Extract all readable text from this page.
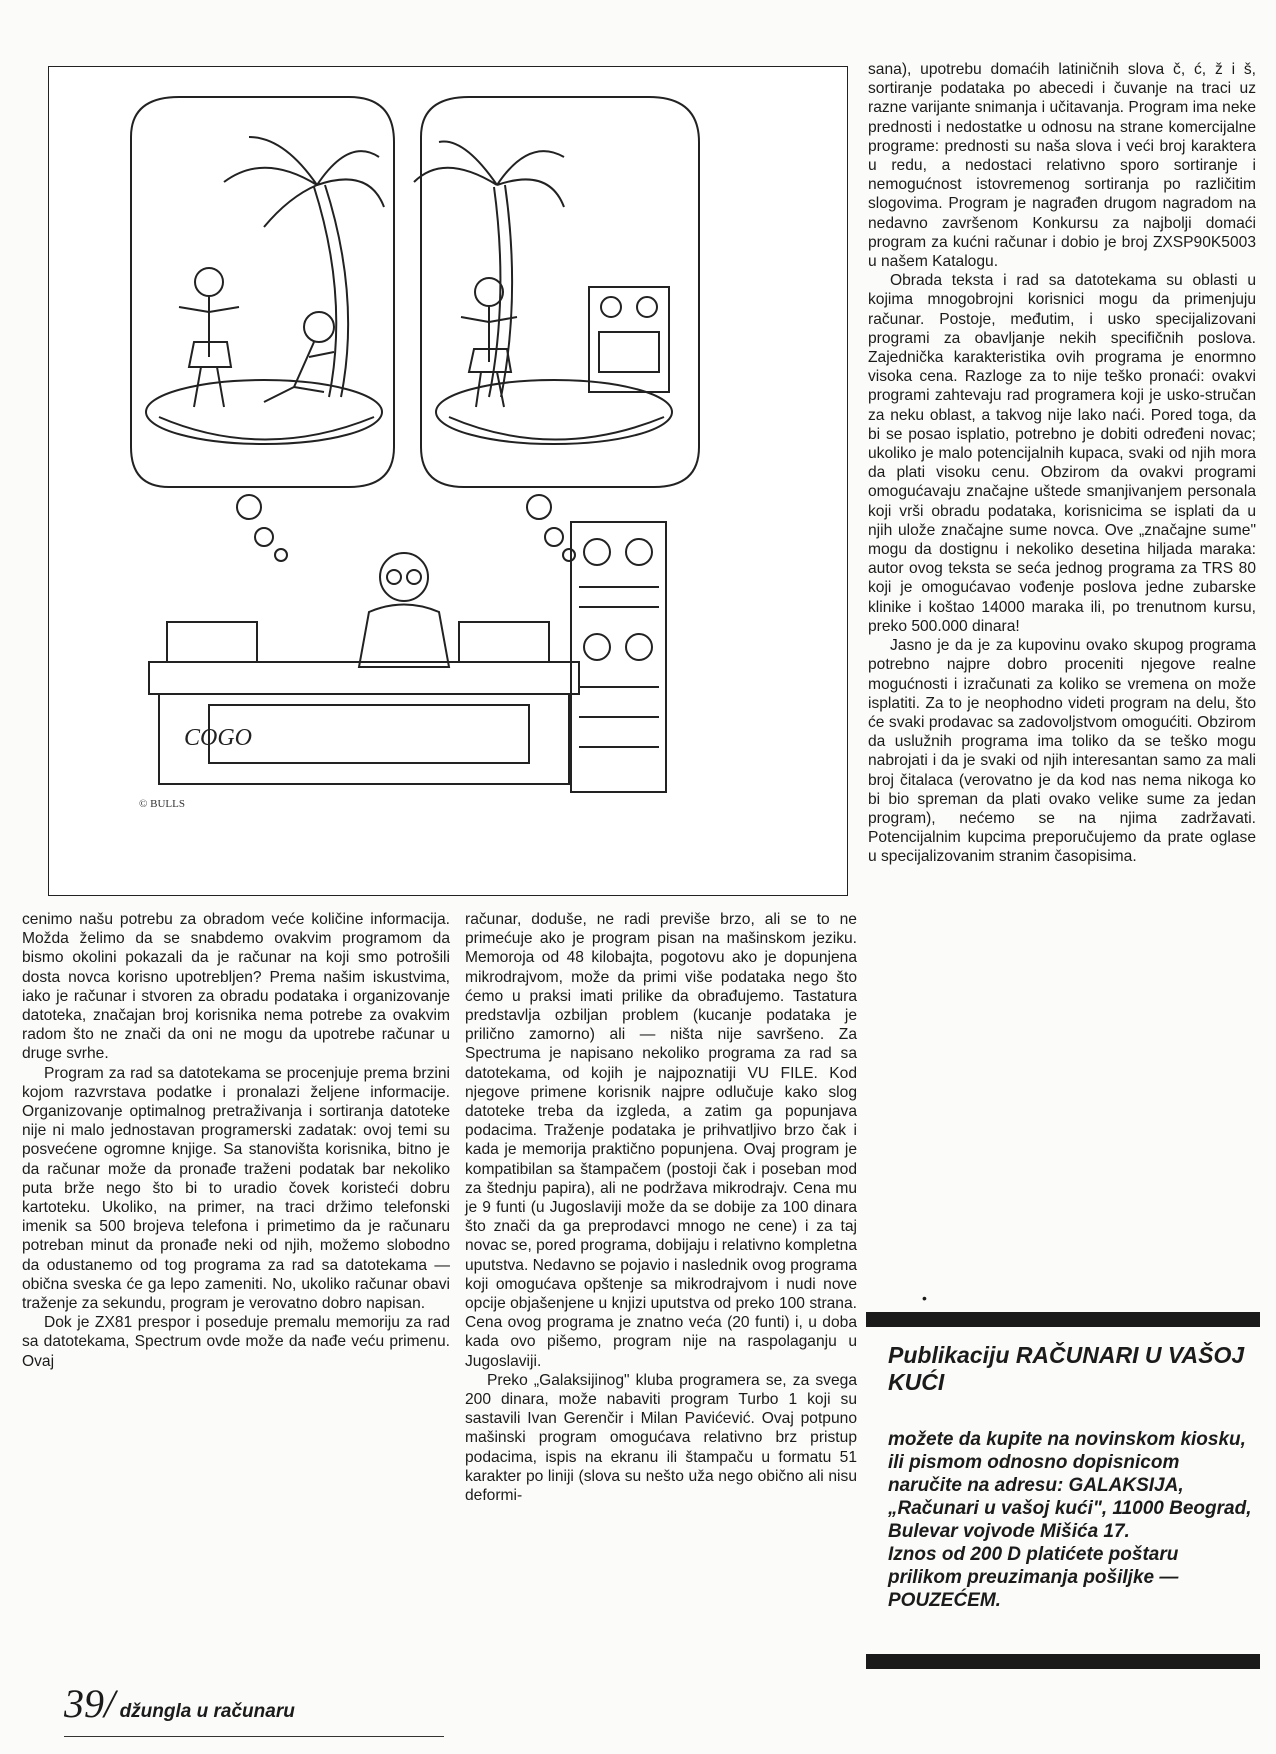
COGO
© BULLS

sana), upotrebu domaćih latiničnih slova č, ć, ž i š, sortiranje podataka po abecedi i čuvanje na traci uz razne varijante snimanja i učitavanja. Program ima neke prednosti i nedostatke u odnosu na strane komercijalne programe: prednosti su naša slova i veći broj karaktera u redu, a nedostaci relativno sporo sortiranje i nemogućnost istovremenog sortiranja po različitim slogovima. Program je nagrađen drugom nagradom na nedavno završenom Konkursu za najbolji domaći program za kućni računar i dobio je broj ZXSP90K5003 u našem Katalogu.

Obrada teksta i rad sa datotekama su oblasti u kojima mnogobrojni korisnici mogu da primenjuju računar. Postoje, međutim, i usko specijalizovani programi za obavljanje nekih specifičnih poslova. Zajednička karakteristika ovih programa je enormno visoka cena. Razloge za to nije teško pronaći: ovakvi programi zahtevaju rad programera koji je usko-stručan za neku oblast, a takvog nije lako naći. Pored toga, da bi se posao isplatio, potrebno je dobiti određeni novac; ukoliko je malo potencijalnih kupaca, svaki od njih mora da plati visoku cenu. Obzirom da ovakvi programi omogućavaju značajne uštede smanjivanjem personala koji vrši obradu podataka, korisnicima se isplati da u njih ulože značajne sume novca. Ove „značajne sume" mogu da dostignu i nekoliko desetina hiljada maraka: autor ovog teksta se seća jednog programa za TRS 80 koji je omogućavao vođenje poslova jedne zubarske klinike i koštao 14000 maraka ili, po trenutnom kursu, preko 500.000 dinara!

Jasno je da je za kupovinu ovako skupog programa potrebno najpre dobro proceniti njegove realne mogućnosti i izračunati za koliko se vremena on može isplatiti. Za to je neophodno videti program na delu, što će svaki prodavac sa zadovoljstvom omogućiti. Obzirom da uslužnih programa ima toliko da se teško mogu nabrojati i da je svaki od njih interesantan samo za mali broj čitalaca (verovatno je da kod nas nema nikoga ko bi bio spreman da plati ovako velike sume za jedan program), nećemo se na njima zadržavati. Potencijalnim kupcima preporučujemo da prate oglase u specijalizovanim stranim časopisima.

cenimo našu potrebu za obradom veće količine informacija. Možda želimo da se snabdemo ovakvim programom da bismo okolini pokazali da je računar na koji smo potrošili dosta novca korisno upotrebljen? Prema našim iskustvima, iako je računar i stvoren za obradu podataka i organizovanje datoteka, značajan broj korisnika nema potrebe za ovakvim radom što ne znači da oni ne mogu da upotrebe računar u druge svrhe.

Program za rad sa datotekama se procenjuje prema brzini kojom razvrstava podatke i pronalazi željene informacije. Organizovanje optimalnog pretraživanja i sortiranja datoteke nije ni malo jednostavan programerski zadatak: ovoj temi su posvećene ogromne knjige. Sa stanovišta korisnika, bitno je da računar može da pronađe traženi podatak bar nekoliko puta brže nego što bi to uradio čovek koristeći dobru kartoteku. Ukoliko, na primer, na traci držimo telefonski imenik sa 500 brojeva telefona i primetimo da je računaru potreban minut da pronađe neki od njih, možemo slobodno da odustanemo od tog programa za rad sa datotekama — obična sveska će ga lepo zameniti. No, ukoliko računar obavi traženje za sekundu, program je verovatno dobro napisan.

Dok je ZX81 prespor i poseduje premalu memoriju za rad sa datotekama, Spectrum ovde može da nađe veću primenu. Ovaj

računar, doduše, ne radi previše brzo, ali se to ne primećuje ako je program pisan na mašinskom jeziku. Memoroja od 48 kilobajta, pogotovu ako je dopunjena mikrodrajvom, može da primi više podataka nego što ćemo u praksi imati prilike da obrađujemo. Tastatura predstavlja ozbiljan problem (kucanje podataka je prilično zamorno) ali — ništa nije savršeno. Za Spectruma je napisano nekoliko programa za rad sa datotekama, od kojih je najpoznatiji VU FILE. Kod njegove primene korisnik najpre odlučuje kako slog datoteke treba da izgleda, a zatim ga popunjava podacima. Traženje podataka je prihvatljivo brzo čak i kada je memorija praktično popunjena. Ovaj program je kompatibilan sa štampačem (postoji čak i poseban mod za štednju papira), ali ne podržava mikrodrajv. Cena mu je 9 funti (u Jugoslaviji može da se dobije za 100 dinara što znači da ga preprodavci mnogo ne cene) i za taj novac se, pored programa, dobijaju i relativno kompletna uputstva. Nedavno se pojavio i naslednik ovog programa koji omogućava opštenje sa mikrodrajvom i nudi nove opcije objašenjene u knjizi uputstva od preko 100 strana. Cena ovog programa je znatno veća (20 funti) i, u doba kada ovo pišemo, program nije na raspolaganju u Jugoslaviji.

Preko „Galaksijinog" kluba programera se, za svega 200 dinara, može nabaviti program Turbo 1 koji su sastavili Ivan Gerenčir i Milan Pavićević. Ovaj potpuno mašinski program omogućava relativno brz pristup podacima, ispis na ekranu ili štampaču u formatu 51 karakter po liniji (slova su nešto uža nego obično ali nisu deformi-

39/ džungla u računaru
•
Publikaciju RAČUNARI U VAŠOJ KUĆI

možete da kupite na novinskom kiosku, ili pismom odnosno dopisnicom naručite na adresu: GALAKSIJA, „Računari u vašoj kući", 11000 Beograd, Bulevar vojvode Mišića 17.

Iznos od 200 D platićete poštaru prilikom preuzimanja pošiljke — POUZEĆEM.
